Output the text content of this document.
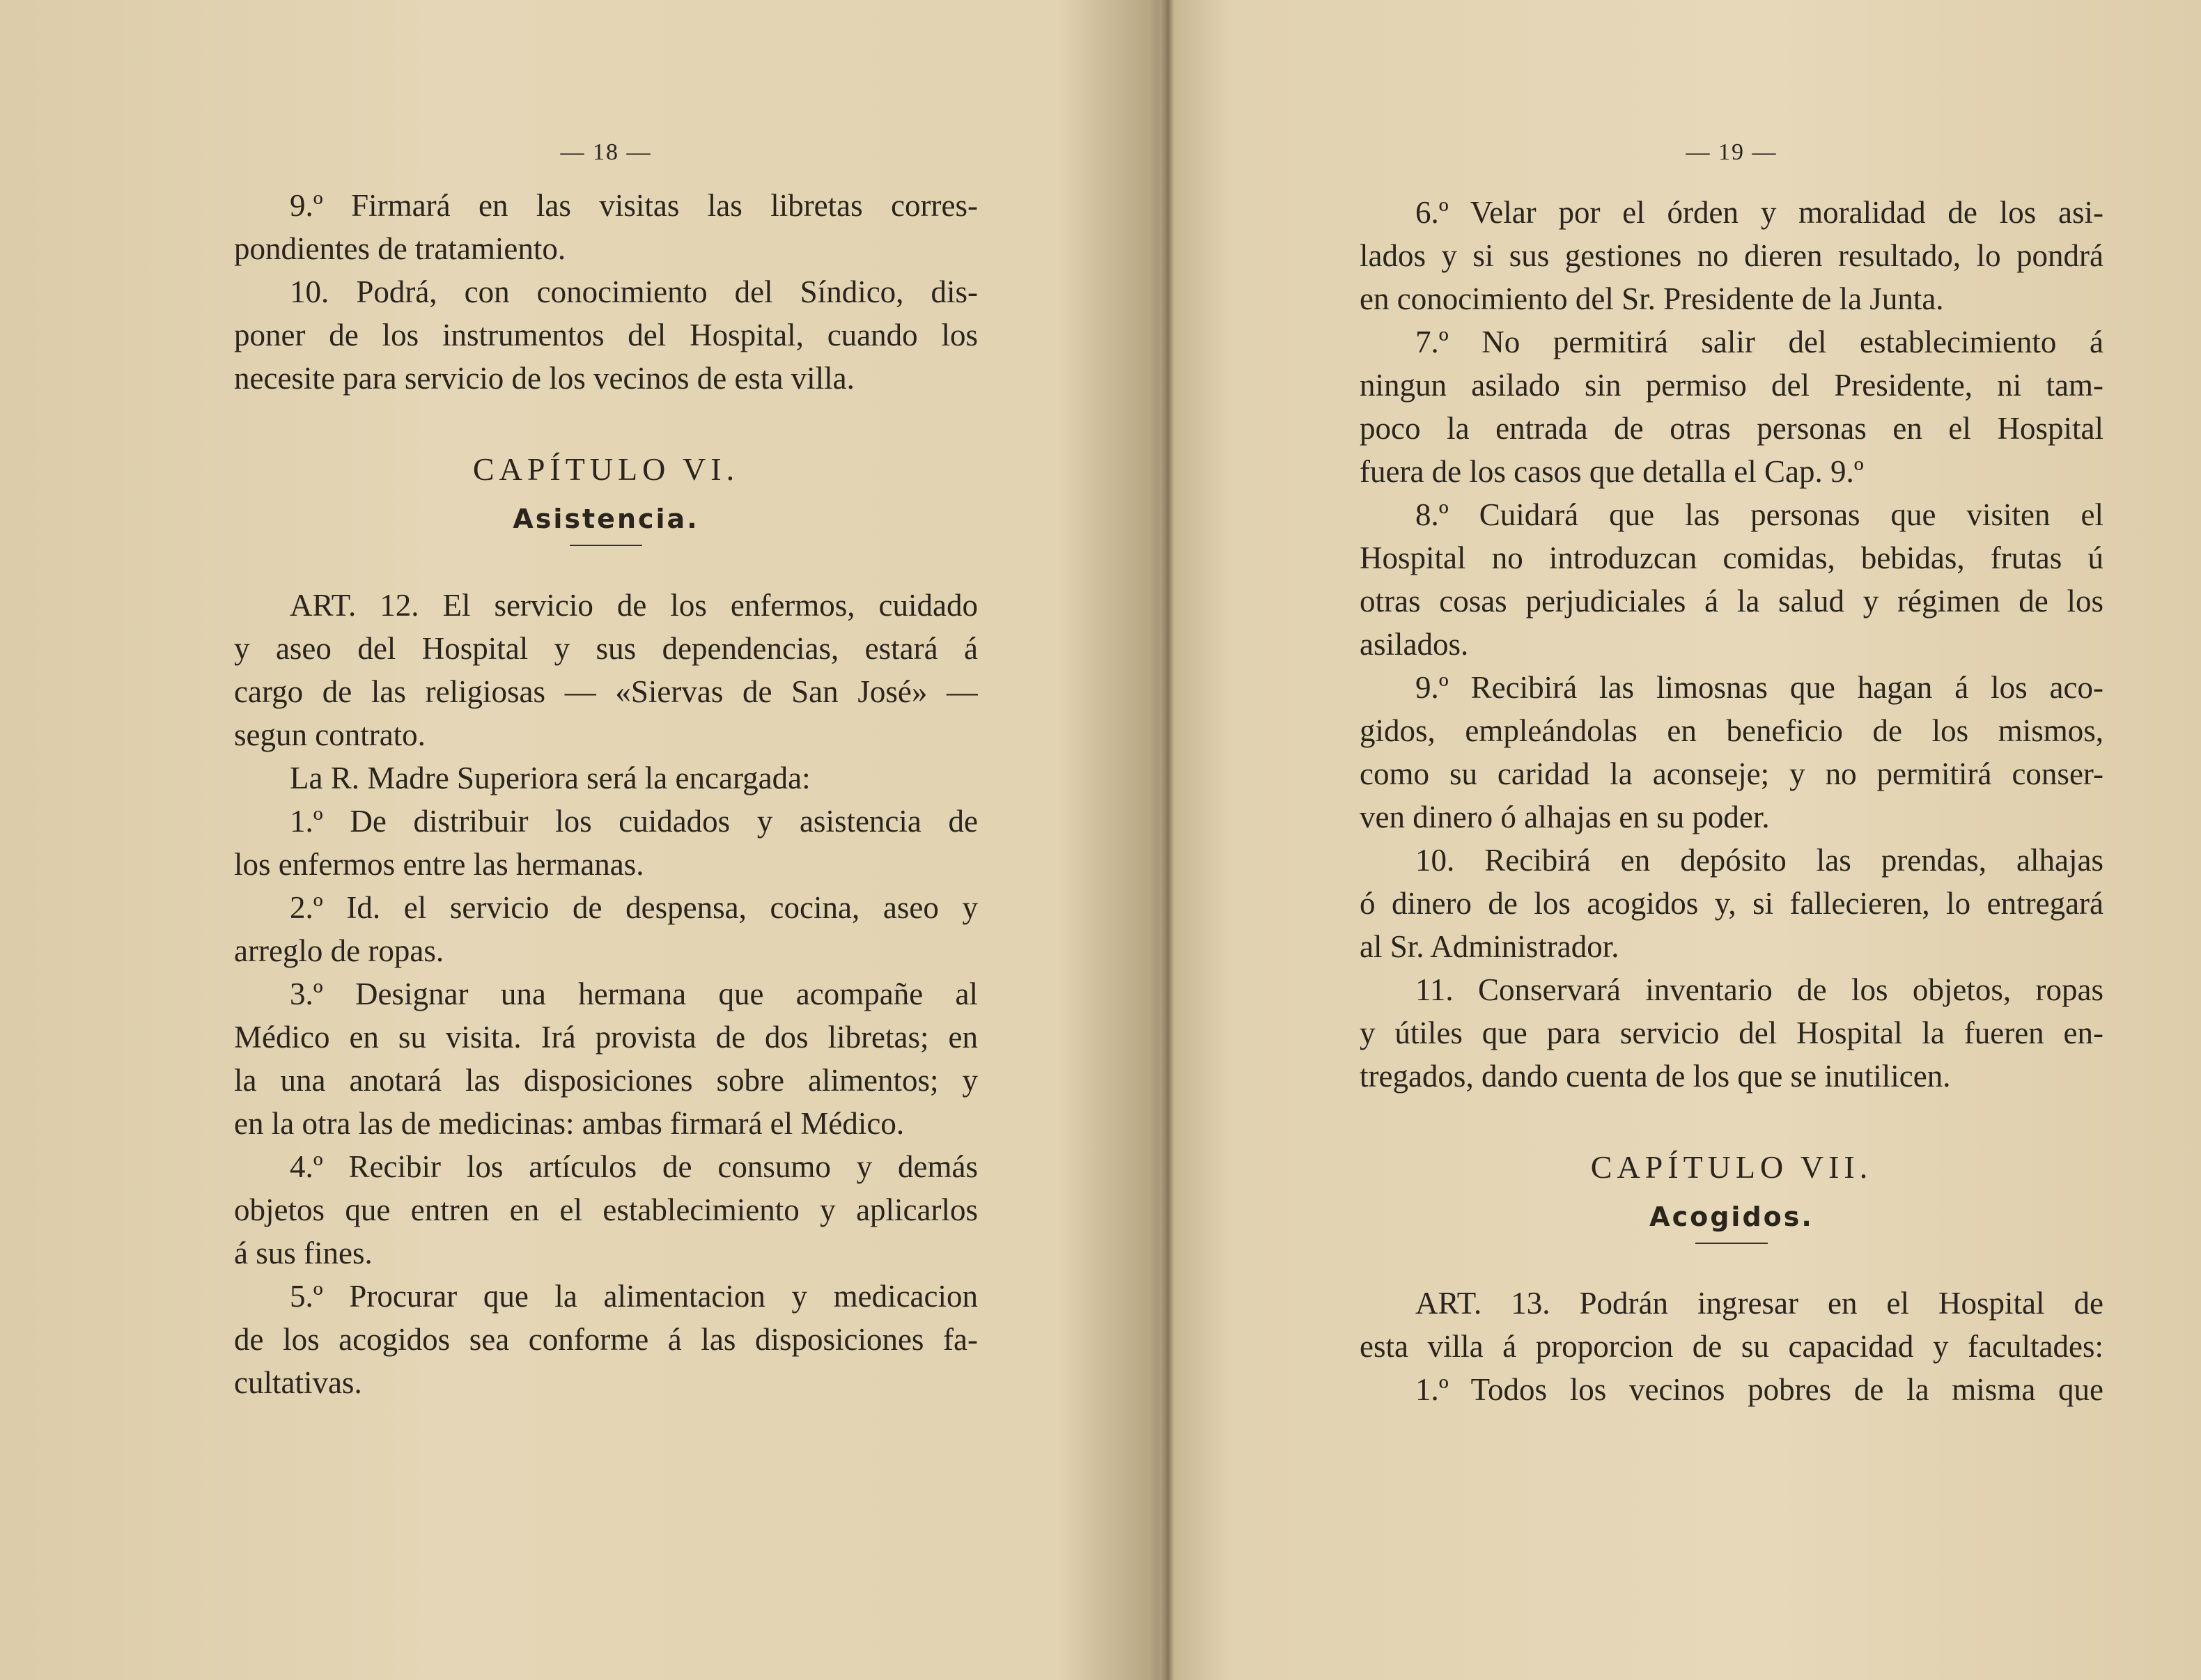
— 18 —
9.º Firmará en las visitas las libretas corres-
pondientes de tratamiento.
10. Podrá, con conocimiento del Síndico, dis-
poner de los instrumentos del Hospital, cuando los
necesite para servicio de los vecinos de esta villa.
CAPÍTULO VI.
Asistencia.
ART. 12. El servicio de los enfermos, cuidado
y aseo del Hospital y sus dependencias, estará á
cargo de las religiosas — «Siervas de San José» —
segun contrato.
La R. Madre Superiora será la encargada:
1.º De distribuir los cuidados y asistencia de
los enfermos entre las hermanas.
2.º Id. el servicio de despensa, cocina, aseo y
arreglo de ropas.
3.º Designar una hermana que acompañe al
Médico en su visita. Irá provista de dos libretas; en
la una anotará las disposiciones sobre alimentos; y
en la otra las de medicinas: ambas firmará el Médico.
4.º Recibir los artículos de consumo y demás
objetos que entren en el establecimiento y aplicarlos
á sus fines.
5.º Procurar que la alimentacion y medicacion
de los acogidos sea conforme á las disposiciones fa-
cultativas.
— 19 —
6.º Velar por el órden y moralidad de los asi-
lados y si sus gestiones no dieren resultado, lo pondrá
en conocimiento del Sr. Presidente de la Junta.
7.º No permitirá salir del establecimiento á
ningun asilado sin permiso del Presidente, ni tam-
poco la entrada de otras personas en el Hospital
fuera de los casos que detalla el Cap. 9.º
8.º Cuidará que las personas que visiten el
Hospital no introduzcan comidas, bebidas, frutas ú
otras cosas perjudiciales á la salud y régimen de los
asilados.
9.º Recibirá las limosnas que hagan á los aco-
gidos, empleándolas en beneficio de los mismos,
como su caridad la aconseje; y no permitirá conser-
ven dinero ó alhajas en su poder.
10. Recibirá en depósito las prendas, alhajas
ó dinero de los acogidos y, si fallecieren, lo entregará
al Sr. Administrador.
11. Conservará inventario de los objetos, ropas
y útiles que para servicio del Hospital la fueren en-
tregados, dando cuenta de los que se inutilicen.
CAPÍTULO VII.
Acogidos.
ART. 13. Podrán ingresar en el Hospital de
esta villa á proporcion de su capacidad y facultades:
1.º Todos los vecinos pobres de la misma que
